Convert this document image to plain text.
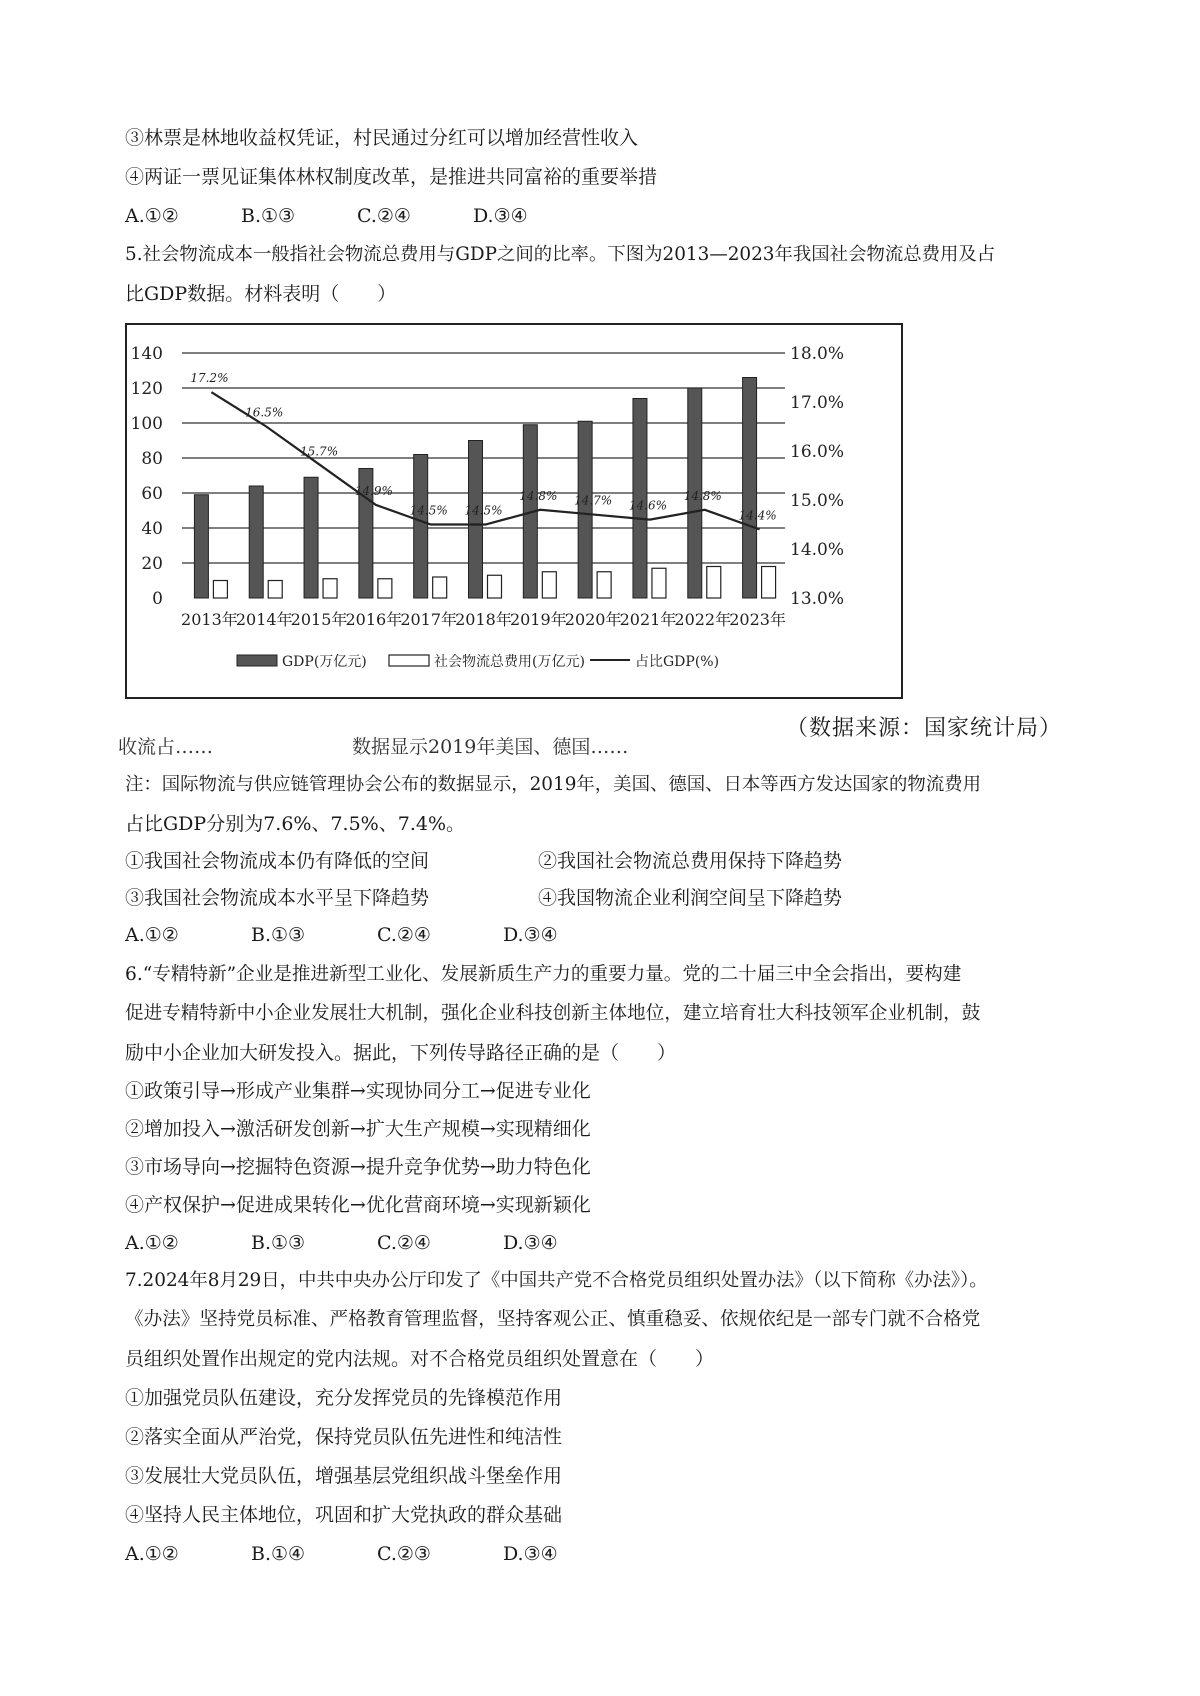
③林票是林地收益权凭证，村民通过分红可以增加经营性收入
④两证一票见证集体林权制度改革，是推进共同富裕的重要举措
A.①②	B.①③	C.②④	D.③④
5.社会物流成本一般指社会物流总费用与GDP之间的比率。下图为2013—2023年我国社会物流总费用及占
比GDP数据。材料表明（　　）
0
20
40
60
80
100
120
140
13.0%
14.0%
15.0%
16.0%
17.0%
18.0%
2013年
2014年
2015年
2016年
2017年
2018年
2019年
2020年
2021年
2022年
2023年
17.2%
16.5%
15.7%
14.9%
14.5% 14.5%
14.8% 14.7% 14.6%
14.8%
14.4%
GDP(万亿元)	社会物流总费用(万亿元)	占比GDP(%)
（数据来源：国家统计局）
收流占…… 　　　　　　　数据显示2019年美国、德国……
注：国际物流与供应链管理协会公布的数据显示，2019年，美国、德国、日本等西方发达国家的物流费用
占比GDP分别为7.6%、7.5%、7.4%。
①我国社会物流成本仍有降低的空间	②我国社会物流总费用保持下降趋势
③我国社会物流成本水平呈下降趋势	④我国物流企业利润空间呈下降趋势
A.①②	B.①③	C.②④	D.③④
6.“专精特新”企业是推进新型工业化、发展新质生产力的重要力量。党的二十届三中全会指出，要构建
促进专精特新中小企业发展壮大机制，强化企业科技创新主体地位，建立培育壮大科技领军企业机制，鼓
励中小企业加大研发投入。据此，下列传导路径正确的是（　　）
①政策引导→形成产业集群→实现协同分工→促进专业化
②增加投入→激活研发创新→扩大生产规模→实现精细化
③市场导向→挖掘特色资源→提升竞争优势→助力特色化
④产权保护→促进成果转化→优化营商环境→实现新颖化
A.①②	B.①③	C.②④	D.③④
7.2024年8月29日，中共中央办公厅印发了《中国共产党不合格党员组织处置办法》（以下简称《办法》）。
《办法》坚持党员标准、严格教育管理监督，坚持客观公正、慎重稳妥、依规依纪是一部专门就不合格党
员组织处置作出规定的党内法规。对不合格党员组织处置意在（　　）
①加强党员队伍建设，充分发挥党员的先锋模范作用
②落实全面从严治党，保持党员队伍先进性和纯洁性
③发展壮大党员队伍，增强基层党组织战斗堡垒作用
④坚持人民主体地位，巩固和扩大党执政的群众基础
A.①②	B.①④	C.②③	D.③④
